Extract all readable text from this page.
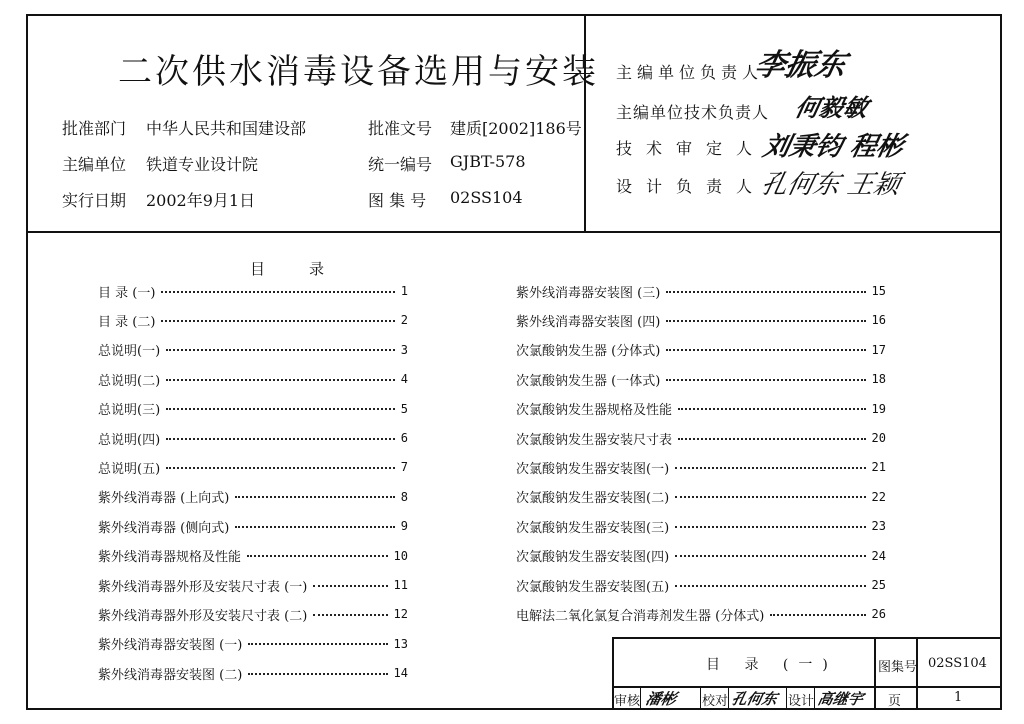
二次供水消毒设备选用与安装
批准部门 中华人民共和国建设部	批准文号 建质[2002]186号
主编单位 铁道专业设计院	统一编号 GJBT-578
实行日期 2002年9月1日	图 集 号 02SS104
主编单位负责人
李振东
主编单位技术负责人 何毅敏
技术审定人
刘秉钧 程彬
设计负责人
孔何东 王颖
目录
目 录 (一)	1
目 录 (二)	2
总说明(一)	3
总说明(二)	4
总说明(三)	5
总说明(四)	6
总说明(五)	7
紫外线消毒器 (上向式)	8
紫外线消毒器 (侧向式)	9
紫外线消毒器规格及性能	10
紫外线消毒器外形及安装尺寸表 (一)	11
紫外线消毒器外形及安装尺寸表 (二)	12
紫外线消毒器安装图 (一)	13
紫外线消毒器安装图 (二)	14
紫外线消毒器安装图 (三)	15
紫外线消毒器安装图 (四)	16
次氯酸钠发生器 (分体式)	17
次氯酸钠发生器 (一体式)	18
次氯酸钠发生器规格及性能	19
次氯酸钠发生器安装尺寸表	20
次氯酸钠发生器安装图(一)	21
次氯酸钠发生器安装图(二)	22
次氯酸钠发生器安装图(三)	23
次氯酸钠发生器安装图(四)	24
次氯酸钠发生器安装图(五)	25
电解法二氧化氯复合消毒剂发生器 (分体式)	26
目 录 (一)	图集号 02SS104
审核 潘彬 校对 孔何东 设计 高继宇 页	1
